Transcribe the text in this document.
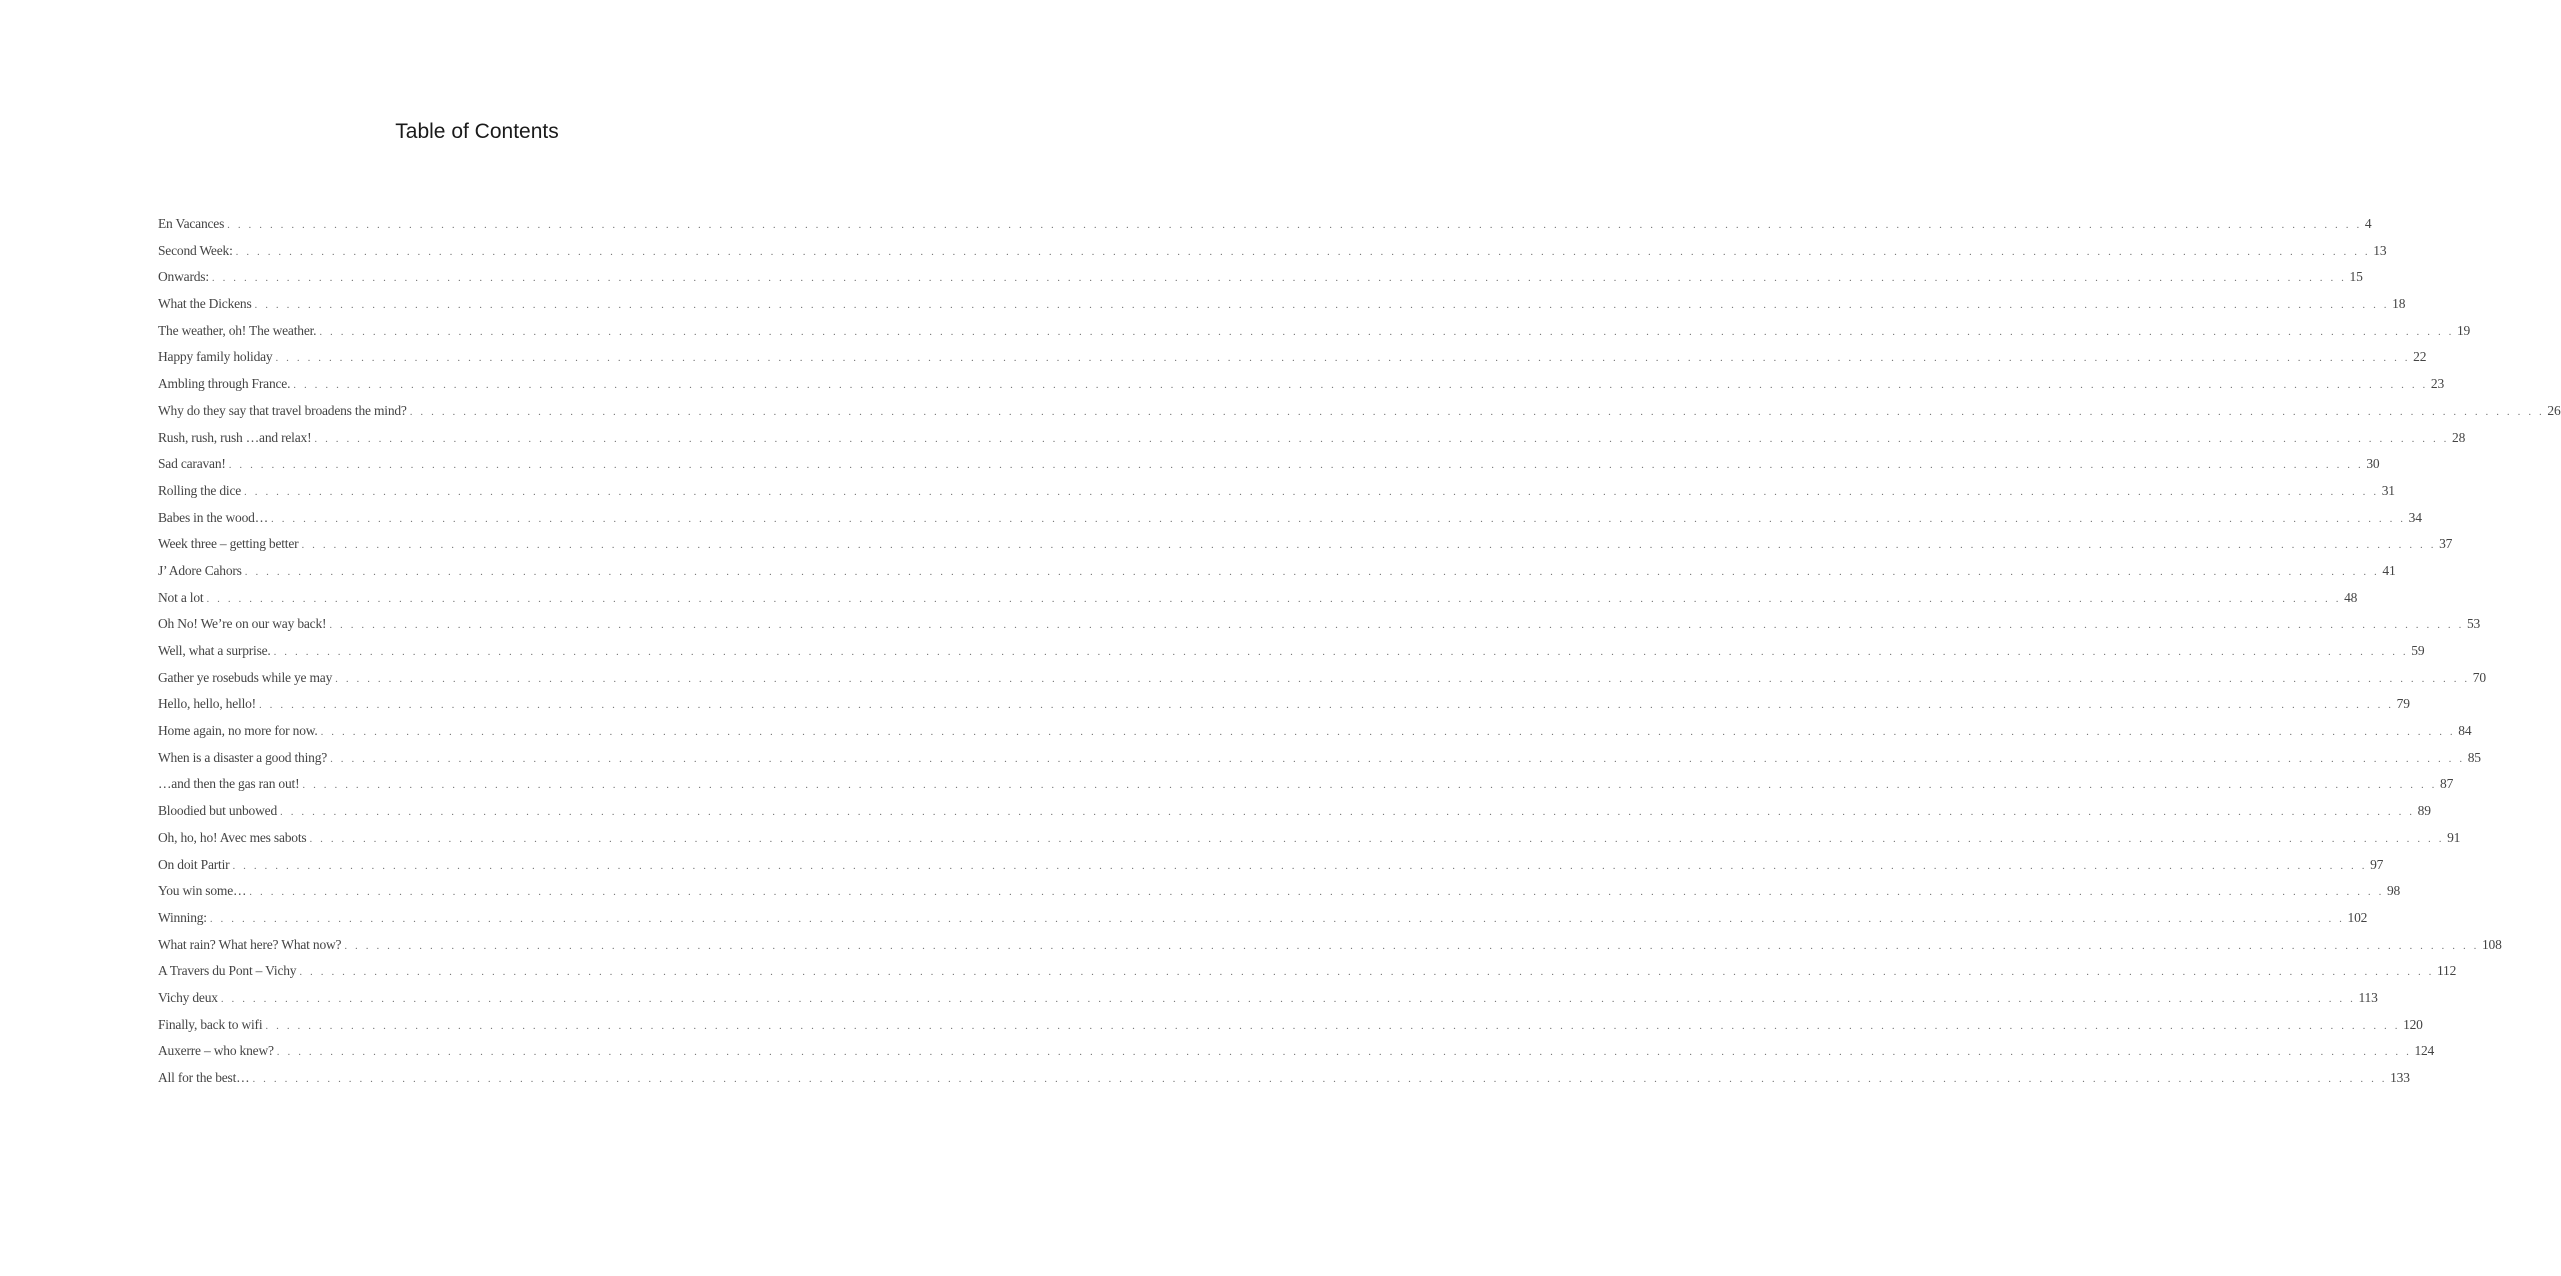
Table of Contents
En Vacances . . . . . . . . . . . . . . . . . . . . . . . . . . . . . . . . . . . . . . . . . . . . . . . . . . . . . . . . . . . . . . . . . . . . . . . . . . . . . . . . . . . . . . . . . . . . . . . . . . . . . . . . . . . . . . . . . . . . . . . . . . . . . . . . . . . . . . . . . . . . . . . . . . . . . . . . . . . . . . . . . . . . . . . . . . . . . . . . . . . . . . . . . . . . . . . . . . . . . . . . 4
Second Week: . . . . . . . . . . . . . . . . . . . . . . . . . . . . . . . . . . . . . . . . . . . . . . . . . . . . . . . . . . . . . . . . . . . . . . . . . . . . . . . . . . . . . . . . . . . . . . . . . . . . . . . . . . . . . . . . . . . . . . . . . . . . . . . . . . . . . . . . . . . . . . . . . . . . . . . . . . . . . . . . . . . . . . . . . . . . . . . . . . . . . . . . . . . . . . . . . . . . . . . . 13
Onwards: . . . . . . . . . . . . . . . . . . . . . . . . . . . . . . . . . . . . . . . . . . . . . . . . . . . . . . . . . . . . . . . . . . . . . . . . . . . . . . . . . . . . . . . . . . . . . . . . . . . . . . . . . . . . . . . . . . . . . . . . . . . . . . . . . . . . . . . . . . . . . . . . . . . . . . . . . . . . . . . . . . . . . . . . . . . . . . . . . . . . . . . . . . . . . . . . . . . . . . . . 15
What the Dickens . . . . . . . . . . . . . . . . . . . . . . . . . . . . . . . . . . . . . . . . . . . . . . . . . . . . . . . . . . . . . . . . . . . . . . . . . . . . . . . . . . . . . . . . . . . . . . . . . . . . . . . . . . . . . . . . . . . . . . . . . . . . . . . . . . . . . . . . . . . . . . . . . . . . . . . . . . . . . . . . . . . . . . . . . . . . . . . . . . . . . . . . . . . . . . . . . . . . . . . . 18
The weather, oh! The weather. . . . . . . . . . . . . . . . . . . . . . . . . . . . . . . . . . . . . . . . . . . . . . . . . . . . . . . . . . . . . . . . . . . . . . . . . . . . . . . . . . . . . . . . . . . . . . . . . . . . . . . . . . . . . . . . . . . . . . . . . . . . . . . . . . . . . . . . . . . . . . . . . . . . . . . . . . . . . . . . . . . . . . . . . . . . . . . . . . . . . . . . . . . . . . . . . . . . . . . . . 19
Happy family holiday . . . . . . . . . . . . . . . . . . . . . . . . . . . . . . . . . . . . . . . . . . . . . . . . . . . . . . . . . . . . . . . . . . . . . . . . . . . . . . . . . . . . . . . . . . . . . . . . . . . . . . . . . . . . . . . . . . . . . . . . . . . . . . . . . . . . . . . . . . . . . . . . . . . . . . . . . . . . . . . . . . . . . . . . . . . . . . . . . . . . . . . . . . . . . . . . . . . . . . . . 22
Ambling through France. . . . . . . . . . . . . . . . . . . . . . . . . . . . . . . . . . . . . . . . . . . . . . . . . . . . . . . . . . . . . . . . . . . . . . . . . . . . . . . . . . . . . . . . . . . . . . . . . . . . . . . . . . . . . . . . . . . . . . . . . . . . . . . . . . . . . . . . . . . . . . . . . . . . . . . . . . . . . . . . . . . . . . . . . . . . . . . . . . . . . . . . . . . . . . . . . . . . . . . . . 23
Why do they say that travel broadens the mind? . . . . . . . . . . . . . . . . . . . . . . . . . . . . . . . . . . . . . . . . . . . . . . . . . . . . . . . . . . . . . . . . . . . . . . . . . . . . . . . . . . . . . . . . . . . . . . . . . . . . . . . . . . . . . . . . . . . . . . . . . . . . . . . . . . . . . . . . . . . . . . . . . . . . . . . . . . . . . . . . . . . . . . . . . . . . . . . . . . . . . . . . . . . . . . . . . . . . . . . . 26
Rush, rush, rush …and relax! . . . . . . . . . . . . . . . . . . . . . . . . . . . . . . . . . . . . . . . . . . . . . . . . . . . . . . . . . . . . . . . . . . . . . . . . . . . . . . . . . . . . . . . . . . . . . . . . . . . . . . . . . . . . . . . . . . . . . . . . . . . . . . . . . . . . . . . . . . . . . . . . . . . . . . . . . . . . . . . . . . . . . . . . . . . . . . . . . . . . . . . . . . . . . . . . . . . . . . . . 28
Sad caravan! . . . . . . . . . . . . . . . . . . . . . . . . . . . . . . . . . . . . . . . . . . . . . . . . . . . . . . . . . . . . . . . . . . . . . . . . . . . . . . . . . . . . . . . . . . . . . . . . . . . . . . . . . . . . . . . . . . . . . . . . . . . . . . . . . . . . . . . . . . . . . . . . . . . . . . . . . . . . . . . . . . . . . . . . . . . . . . . . . . . . . . . . . . . . . . . . . . . . . . . . 30
Rolling the dice . . . . . . . . . . . . . . . . . . . . . . . . . . . . . . . . . . . . . . . . . . . . . . . . . . . . . . . . . . . . . . . . . . . . . . . . . . . . . . . . . . . . . . . . . . . . . . . . . . . . . . . . . . . . . . . . . . . . . . . . . . . . . . . . . . . . . . . . . . . . . . . . . . . . . . . . . . . . . . . . . . . . . . . . . . . . . . . . . . . . . . . . . . . . . . . . . . . . . . . . 31
Babes in the wood… . . . . . . . . . . . . . . . . . . . . . . . . . . . . . . . . . . . . . . . . . . . . . . . . . . . . . . . . . . . . . . . . . . . . . . . . . . . . . . . . . . . . . . . . . . . . . . . . . . . . . . . . . . . . . . . . . . . . . . . . . . . . . . . . . . . . . . . . . . . . . . . . . . . . . . . . . . . . . . . . . . . . . . . . . . . . . . . . . . . . . . . . . . . . . . . . . . . . . . . . 34
Week three – getting better . . . . . . . . . . . . . . . . . . . . . . . . . . . . . . . . . . . . . . . . . . . . . . . . . . . . . . . . . . . . . . . . . . . . . . . . . . . . . . . . . . . . . . . . . . . . . . . . . . . . . . . . . . . . . . . . . . . . . . . . . . . . . . . . . . . . . . . . . . . . . . . . . . . . . . . . . . . . . . . . . . . . . . . . . . . . . . . . . . . . . . . . . . . . . . . . . . . . . . . . 37
J’ Adore Cahors . . . . . . . . . . . . . . . . . . . . . . . . . . . . . . . . . . . . . . . . . . . . . . . . . . . . . . . . . . . . . . . . . . . . . . . . . . . . . . . . . . . . . . . . . . . . . . . . . . . . . . . . . . . . . . . . . . . . . . . . . . . . . . . . . . . . . . . . . . . . . . . . . . . . . . . . . . . . . . . . . . . . . . . . . . . . . . . . . . . . . . . . . . . . . . . . . . . . . . . . 41
Not a lot . . . . . . . . . . . . . . . . . . . . . . . . . . . . . . . . . . . . . . . . . . . . . . . . . . . . . . . . . . . . . . . . . . . . . . . . . . . . . . . . . . . . . . . . . . . . . . . . . . . . . . . . . . . . . . . . . . . . . . . . . . . . . . . . . . . . . . . . . . . . . . . . . . . . . . . . . . . . . . . . . . . . . . . . . . . . . . . . . . . . . . . . . . . . . . . . . . . . . . . . 48
Oh No! We’re on our way back! . . . . . . . . . . . . . . . . . . . . . . . . . . . . . . . . . . . . . . . . . . . . . . . . . . . . . . . . . . . . . . . . . . . . . . . . . . . . . . . . . . . . . . . . . . . . . . . . . . . . . . . . . . . . . . . . . . . . . . . . . . . . . . . . . . . . . . . . . . . . . . . . . . . . . . . . . . . . . . . . . . . . . . . . . . . . . . . . . . . . . . . . . . . . . . . . . . . . . . . . 53
Well, what a surprise. . . . . . . . . . . . . . . . . . . . . . . . . . . . . . . . . . . . . . . . . . . . . . . . . . . . . . . . . . . . . . . . . . . . . . . . . . . . . . . . . . . . . . . . . . . . . . . . . . . . . . . . . . . . . . . . . . . . . . . . . . . . . . . . . . . . . . . . . . . . . . . . . . . . . . . . . . . . . . . . . . . . . . . . . . . . . . . . . . . . . . . . . . . . . . . . . . . . . . . . . 59
Gather ye rosebuds while ye may . . . . . . . . . . . . . . . . . . . . . . . . . . . . . . . . . . . . . . . . . . . . . . . . . . . . . . . . . . . . . . . . . . . . . . . . . . . . . . . . . . . . . . . . . . . . . . . . . . . . . . . . . . . . . . . . . . . . . . . . . . . . . . . . . . . . . . . . . . . . . . . . . . . . . . . . . . . . . . . . . . . . . . . . . . . . . . . . . . . . . . . . . . . . . . . . . . . . . . . . 70
Hello, hello, hello! . . . . . . . . . . . . . . . . . . . . . . . . . . . . . . . . . . . . . . . . . . . . . . . . . . . . . . . . . . . . . . . . . . . . . . . . . . . . . . . . . . . . . . . . . . . . . . . . . . . . . . . . . . . . . . . . . . . . . . . . . . . . . . . . . . . . . . . . . . . . . . . . . . . . . . . . . . . . . . . . . . . . . . . . . . . . . . . . . . . . . . . . . . . . . . . . . . . . . . . . 79
Home again, no more for now. . . . . . . . . . . . . . . . . . . . . . . . . . . . . . . . . . . . . . . . . . . . . . . . . . . . . . . . . . . . . . . . . . . . . . . . . . . . . . . . . . . . . . . . . . . . . . . . . . . . . . . . . . . . . . . . . . . . . . . . . . . . . . . . . . . . . . . . . . . . . . . . . . . . . . . . . . . . . . . . . . . . . . . . . . . . . . . . . . . . . . . . . . . . . . . . . . . . . . . . . 84
When is a disaster a good thing? . . . . . . . . . . . . . . . . . . . . . . . . . . . . . . . . . . . . . . . . . . . . . . . . . . . . . . . . . . . . . . . . . . . . . . . . . . . . . . . . . . . . . . . . . . . . . . . . . . . . . . . . . . . . . . . . . . . . . . . . . . . . . . . . . . . . . . . . . . . . . . . . . . . . . . . . . . . . . . . . . . . . . . . . . . . . . . . . . . . . . . . . . . . . . . . . . . . . . . . . 85
…and then the gas ran out! . . . . . . . . . . . . . . . . . . . . . . . . . . . . . . . . . . . . . . . . . . . . . . . . . . . . . . . . . . . . . . . . . . . . . . . . . . . . . . . . . . . . . . . . . . . . . . . . . . . . . . . . . . . . . . . . . . . . . . . . . . . . . . . . . . . . . . . . . . . . . . . . . . . . . . . . . . . . . . . . . . . . . . . . . . . . . . . . . . . . . . . . . . . . . . . . . . . . . . . . 87
Bloodied but unbowed . . . . . . . . . . . . . . . . . . . . . . . . . . . . . . . . . . . . . . . . . . . . . . . . . . . . . . . . . . . . . . . . . . . . . . . . . . . . . . . . . . . . . . . . . . . . . . . . . . . . . . . . . . . . . . . . . . . . . . . . . . . . . . . . . . . . . . . . . . . . . . . . . . . . . . . . . . . . . . . . . . . . . . . . . . . . . . . . . . . . . . . . . . . . . . . . . . . . . . . . 89
Oh, ho, ho! Avec mes sabots . . . . . . . . . . . . . . . . . . . . . . . . . . . . . . . . . . . . . . . . . . . . . . . . . . . . . . . . . . . . . . . . . . . . . . . . . . . . . . . . . . . . . . . . . . . . . . . . . . . . . . . . . . . . . . . . . . . . . . . . . . . . . . . . . . . . . . . . . . . . . . . . . . . . . . . . . . . . . . . . . . . . . . . . . . . . . . . . . . . . . . . . . . . . . . . . . . . . . . . . 91
On doit Partir . . . . . . . . . . . . . . . . . . . . . . . . . . . . . . . . . . . . . . . . . . . . . . . . . . . . . . . . . . . . . . . . . . . . . . . . . . . . . . . . . . . . . . . . . . . . . . . . . . . . . . . . . . . . . . . . . . . . . . . . . . . . . . . . . . . . . . . . . . . . . . . . . . . . . . . . . . . . . . . . . . . . . . . . . . . . . . . . . . . . . . . . . . . . . . . . . . . . . . . . 97
You win some… . . . . . . . . . . . . . . . . . . . . . . . . . . . . . . . . . . . . . . . . . . . . . . . . . . . . . . . . . . . . . . . . . . . . . . . . . . . . . . . . . . . . . . . . . . . . . . . . . . . . . . . . . . . . . . . . . . . . . . . . . . . . . . . . . . . . . . . . . . . . . . . . . . . . . . . . . . . . . . . . . . . . . . . . . . . . . . . . . . . . . . . . . . . . . . . . . . . . . . . . 98
Winning: . . . . . . . . . . . . . . . . . . . . . . . . . . . . . . . . . . . . . . . . . . . . . . . . . . . . . . . . . . . . . . . . . . . . . . . . . . . . . . . . . . . . . . . . . . . . . . . . . . . . . . . . . . . . . . . . . . . . . . . . . . . . . . . . . . . . . . . . . . . . . . . . . . . . . . . . . . . . . . . . . . . . . . . . . . . . . . . . . . . . . . . . . . . . . . . . . . . . . . . . 102
What rain? What here? What now? . . . . . . . . . . . . . . . . . . . . . . . . . . . . . . . . . . . . . . . . . . . . . . . . . . . . . . . . . . . . . . . . . . . . . . . . . . . . . . . . . . . . . . . . . . . . . . . . . . . . . . . . . . . . . . . . . . . . . . . . . . . . . . . . . . . . . . . . . . . . . . . . . . . . . . . . . . . . . . . . . . . . . . . . . . . . . . . . . . . . . . . . . . . . . . . . . . . . . . . . 108
A Travers du Pont – Vichy . . . . . . . . . . . . . . . . . . . . . . . . . . . . . . . . . . . . . . . . . . . . . . . . . . . . . . . . . . . . . . . . . . . . . . . . . . . . . . . . . . . . . . . . . . . . . . . . . . . . . . . . . . . . . . . . . . . . . . . . . . . . . . . . . . . . . . . . . . . . . . . . . . . . . . . . . . . . . . . . . . . . . . . . . . . . . . . . . . . . . . . . . . . . . . . . . . . . . . . . 112
Vichy deux . . . . . . . . . . . . . . . . . . . . . . . . . . . . . . . . . . . . . . . . . . . . . . . . . . . . . . . . . . . . . . . . . . . . . . . . . . . . . . . . . . . . . . . . . . . . . . . . . . . . . . . . . . . . . . . . . . . . . . . . . . . . . . . . . . . . . . . . . . . . . . . . . . . . . . . . . . . . . . . . . . . . . . . . . . . . . . . . . . . . . . . . . . . . . . . . . . . . . . . . 113
Finally, back to wifi . . . . . . . . . . . . . . . . . . . . . . . . . . . . . . . . . . . . . . . . . . . . . . . . . . . . . . . . . . . . . . . . . . . . . . . . . . . . . . . . . . . . . . . . . . . . . . . . . . . . . . . . . . . . . . . . . . . . . . . . . . . . . . . . . . . . . . . . . . . . . . . . . . . . . . . . . . . . . . . . . . . . . . . . . . . . . . . . . . . . . . . . . . . . . . . . . . . . . . . . 120
Auxerre – who knew? . . . . . . . . . . . . . . . . . . . . . . . . . . . . . . . . . . . . . . . . . . . . . . . . . . . . . . . . . . . . . . . . . . . . . . . . . . . . . . . . . . . . . . . . . . . . . . . . . . . . . . . . . . . . . . . . . . . . . . . . . . . . . . . . . . . . . . . . . . . . . . . . . . . . . . . . . . . . . . . . . . . . . . . . . . . . . . . . . . . . . . . . . . . . . . . . . . . . . . . . 124
All for the best… . . . . . . . . . . . . . . . . . . . . . . . . . . . . . . . . . . . . . . . . . . . . . . . . . . . . . . . . . . . . . . . . . . . . . . . . . . . . . . . . . . . . . . . . . . . . . . . . . . . . . . . . . . . . . . . . . . . . . . . . . . . . . . . . . . . . . . . . . . . . . . . . . . . . . . . . . . . . . . . . . . . . . . . . . . . . . . . . . . . . . . . . . . . . . . . . . . . . . . . . 133
